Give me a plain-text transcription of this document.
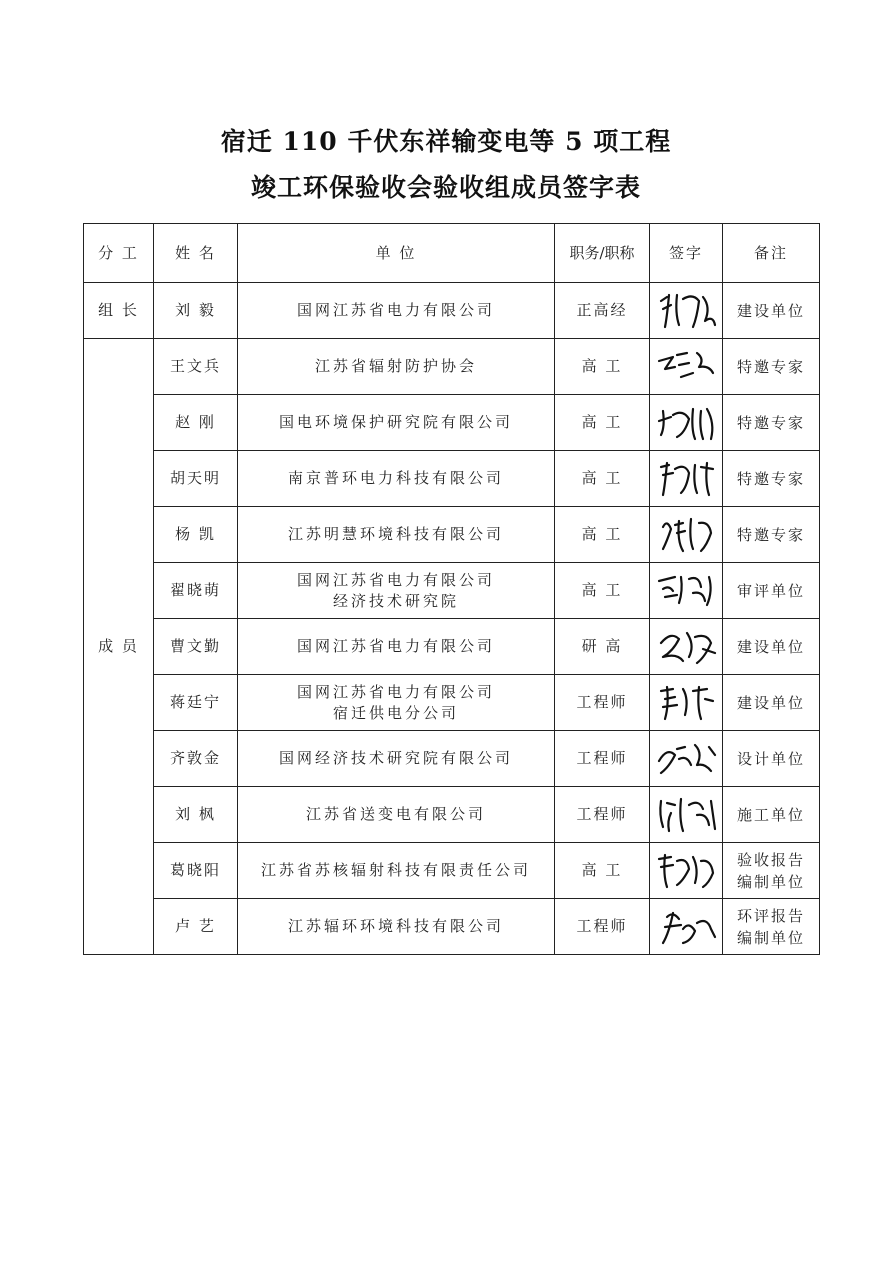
宿迁 110 千伏东祥输变电等 5 项工程
竣工环保验收会验收组成员签字表
分 工	姓 名	单 位	职务/职称	签字	备注
组 长	刘 毅	国网江苏省电力有限公司	正高经		建设单位
成 员	王文兵	江苏省辐射防护协会	高 工		特邀专家
	赵 刚	国电环境保护研究院有限公司	高 工		特邀专家
	胡天明	南京普环电力科技有限公司	高 工		特邀专家
	杨 凯	江苏明慧环境科技有限公司	高 工		特邀专家
	翟晓萌	国网江苏省电力有限公司
经济技术研究院	高 工		审评单位
	曹文勤	国网江苏省电力有限公司	研 高		建设单位
	蒋廷宁	国网江苏省电力有限公司
宿迁供电分公司	工程师		建设单位
	齐敦金	国网经济技术研究院有限公司	工程师		设计单位
	刘 枫	江苏省送变电有限公司	工程师		施工单位
	葛晓阳	江苏省苏核辐射科技有限责任公司	高 工		验收报告
编制单位
	卢 艺	江苏辐环环境科技有限公司	工程师		环评报告
编制单位
